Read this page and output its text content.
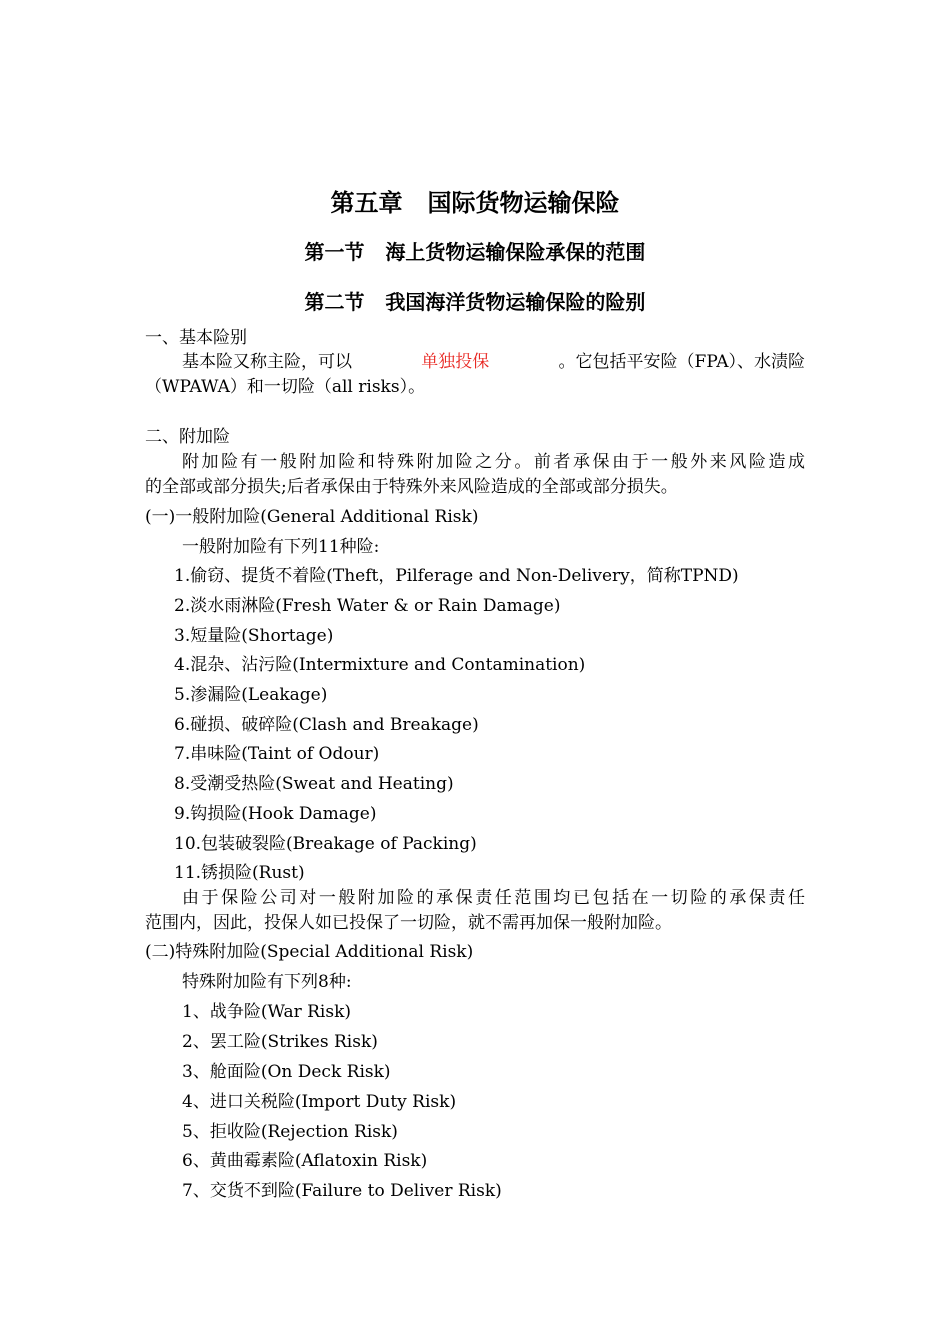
第五章   国际货物运输保险
第一节   海上货物运输保险承保的范围
第二节   我国海洋货物运输保险的险别
一、基本险别
基本险又称主险，可以	单独投保	。它包括平安险（FPA）、水渍险
（WPAWA）和一切险（all risks）。
二、附加险
附加险有一般附加险和特殊附加险之分。前者承保由于一般外来风险造成
的全部或部分损失;后者承保由于特殊外来风险造成的全部或部分损失。
(一)一般附加险(General Additional Risk)
一般附加险有下列11种险:
1.偷窃、提货不着险(Theft，Pilferage and Non-Delivery，简称TPND)
2.淡水雨淋险(Fresh Water & or Rain Damage)
3.短量险(Shortage)
4.混杂、沾污险(Intermixture and Contamination)
5.渗漏险(Leakage)
6.碰损、破碎险(Clash and Breakage)
7.串味险(Taint of Odour)
8.受潮受热险(Sweat and Heating)
9.钩损险(Hook Damage)
10.包装破裂险(Breakage of Packing)
11.锈损险(Rust)
由于保险公司对一般附加险的承保责任范围均已包括在一切险的承保责任
范围内，因此，投保人如已投保了一切险，就不需再加保一般附加险。
(二)特殊附加险(Special Additional Risk)
特殊附加险有下列8种:
1、战争险(War Risk)
2、罢工险(Strikes Risk)
3、舱面险(On Deck Risk)
4、进口关税险(Import Duty Risk)
5、拒收险(Rejection Risk)
6、黄曲霉素险(Aflatoxin Risk)
7、交货不到险(Failure to Deliver Risk)
